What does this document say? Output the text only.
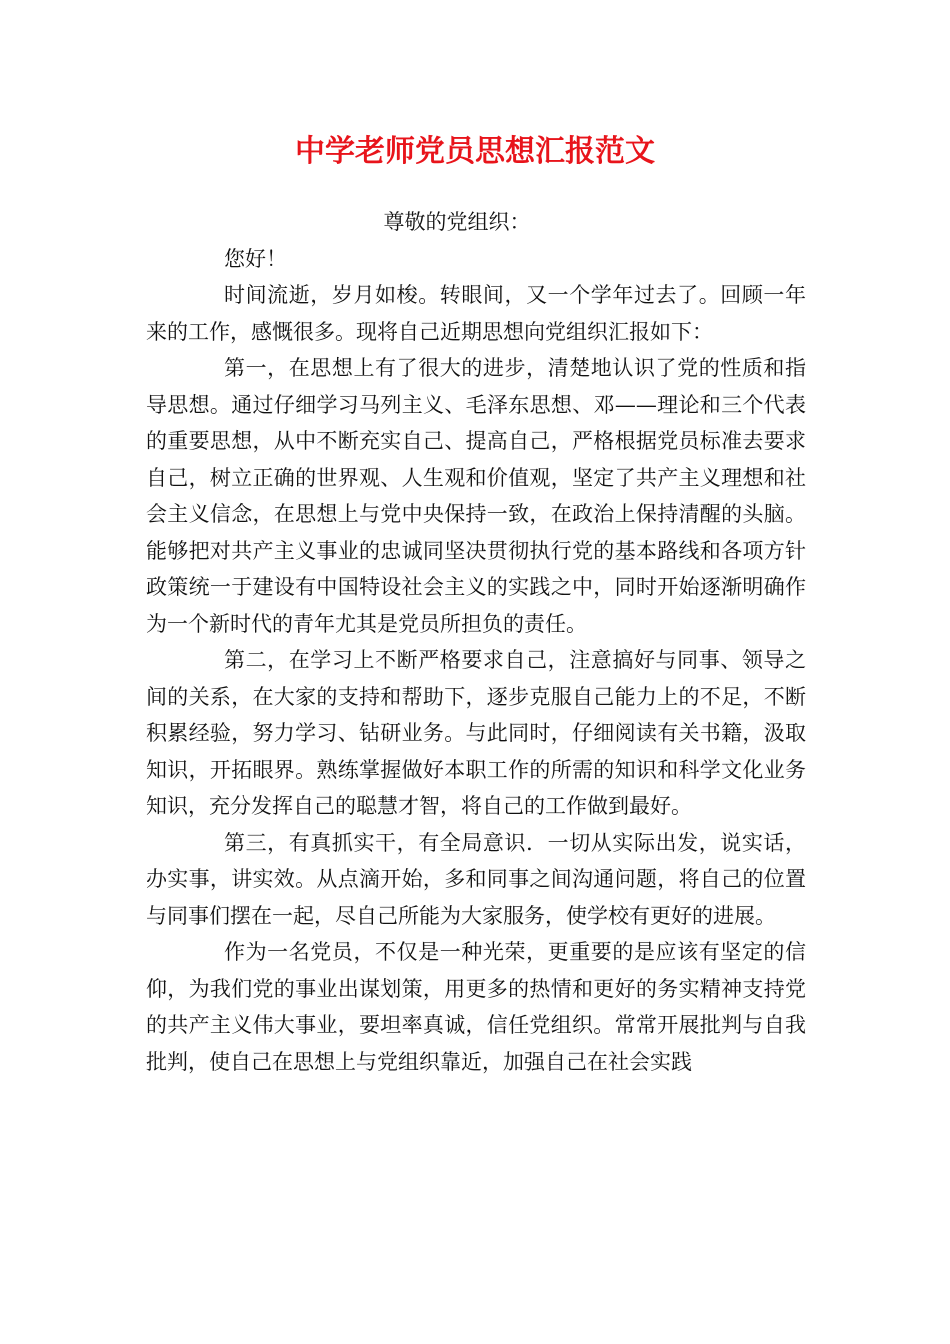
中学老师党员思想汇报范文

尊敬的党组织：

您好！

时间流逝，岁月如梭。转眼间，又一个学年过去了。回顾一年来的工作，感慨很多。现将自己近期思想向党组织汇报如下：

第一，在思想上有了很大的进步，清楚地认识了党的性质和指导思想。通过仔细学习马列主义、毛泽东思想、邓——理论和三个代表的重要思想，从中不断充实自己、提高自己，严格根据党员标准去要求自己，树立正确的世界观、人生观和价值观，坚定了共产主义理想和社会主义信念，在思想上与党中央保持一致，在政治上保持清醒的头脑。能够把对共产主义事业的忠诚同坚决贯彻执行党的基本路线和各项方针政策统一于建设有中国特设社会主义的实践之中，同时开始逐渐明确作为一个新时代的青年尤其是党员所担负的责任。

第二，在学习上不断严格要求自己，注意搞好与同事、领导之间的关系，在大家的支持和帮助下，逐步克服自己能力上的不足，不断积累经验，努力学习、钻研业务。与此同时，仔细阅读有关书籍，汲取知识，开拓眼界。熟练掌握做好本职工作的所需的知识和科学文化业务知识，充分发挥自己的聪慧才智，将自己的工作做到最好。

第三，有真抓实干，有全局意识．一切从实际出发，说实话，办实事，讲实效。从点滴开始，多和同事之间沟通问题，将自己的位置与同事们摆在一起，尽自己所能为大家服务，使学校有更好的进展。

作为一名党员，不仅是一种光荣，更重要的是应该有坚定的信仰，为我们党的事业出谋划策，用更多的热情和更好的务实精神支持党的共产主义伟大事业，要坦率真诚，信任党组织。常常开展批判与自我批判，使自己在思想上与党组织靠近，加强自己在社会实践
